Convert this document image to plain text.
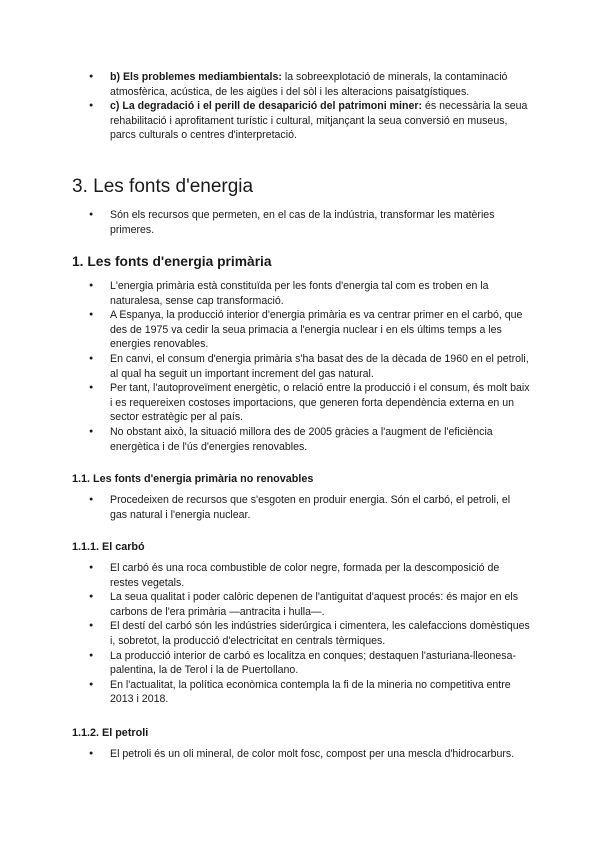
● b) Els problemes mediambientals: la sobreexplotació de minerals, la contaminació atmosfèrica, acústica, de les aigües i del sòl i les alteracions paisatgístiques.
● c) La degradació i el perill de desaparició del patrimoni miner: és necessària la seua rehabilitació i aprofitament turístic i cultural, mitjançant la seua conversió en museus, parcs culturals o centres d'interpretació.
3. Les fonts d'energia
● Són els recursos que permeten, en el cas de la indústria, transformar les matèries primeres.
1. Les fonts d'energia primària
● L'energia primària està constituïda per les fonts d'energia tal com es troben en la naturalesa, sense cap transformació.
● A Espanya, la producció interior d'energia primària es va centrar primer en el carbó, que des de 1975 va cedir la seua primacia a l'energia nuclear i en els últims temps a les energies renovables.
● En canvi, el consum d'energia primària s'ha basat des de la dècada de 1960 en el petroli, al qual ha seguit un important increment del gas natural.
● Per tant, l'autoproveïment energètic, o relació entre la producció i el consum, és molt baix i es requereixen costoses importacions, que generen forta dependència externa en un sector estratègic per al país.
● No obstant això, la situació millora des de 2005 gràcies a l'augment de l'eficiència energètica i de l'ús d'energies renovables.
1.1. Les fonts d'energia primària no renovables
● Procedeixen de recursos que s'esgoten en produir energia. Són el carbó, el petroli, el gas natural i l'energia nuclear.
1.1.1. El carbó
● El carbó és una roca combustible de color negre, formada per la descomposició de restes vegetals.
● La seua qualitat i poder calòric depenen de l'antiguitat d'aquest procés: és major en els carbons de l'era primària —antracita i hulla—.
● El destí del carbó són les indústries siderúrgica i cimentera, les calefaccions domèstiques i, sobretot, la producció d'electricitat en centrals tèrmiques.
● La producció interior de carbó es localitza en conques; destaquen l'asturiana-lleonesa-palentina, la de Terol i la de Puertollano.
● En l'actualitat, la política econòmica contempla la fi de la mineria no competitiva entre 2013 i 2018.
1.1.2. El petroli
● El petroli és un oli mineral, de color molt fosc, compost per una mescla d'hidrocarburs.
